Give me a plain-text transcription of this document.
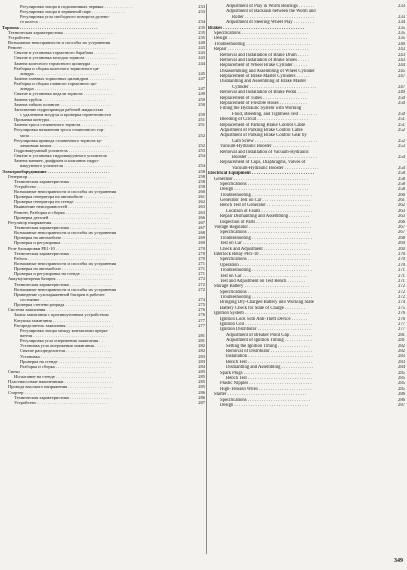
Регулировка зазора в подшипниках червяка . . . . . . . . . . . . .	233
Регулировка зазора в червячной паре . . . . . . . . . . . . . . .	233
Регулировка угла свободного поворота рулево-
го колеса . . . . . . . . . . . . . . . . . . . . . . . . . . .	234
Тормоза . . . . . . . . . . . . . . . . . . . . . . . . . . . . . . . . . . .	235
Техническая характеристика . . . . . . . . . . . . . . . . . . . . . . .	235
Устройство . . . . . . . . . . . . . . . . . . . . . . . . . . . . . . . . . .	235
Возможные неисправности и способы их устранения	240
Ремонт . . . . . . . . . . . . . . . . . . . . . . . . . . . . . . . . . . . . .	243
Снятие и установка тормозного барабана . . . . . . . . . . .	243
Снятие и установка колодок тормоза . . . . . . . . . . . . . .	243
Замена колесного тормозного цилиндра . . . . . . . . . . . .	244
Разборка и сборка колесного тормозного ци-
линдра . . . . . . . . . . . . . . . . . . . . . . . . . . . . . . . . .	245
Замена главных тормозных цилиндров . . . . . . . . . . . .	247
Разборка и сборка главного тормозного ци-
линдра . . . . . . . . . . . . . . . . . . . . . . . . . . . . . . . . .	247
Снятие и установка педали тормоза . . . . . . . . . . . . . .	249
Замена трубок . . . . . . . . . . . . . . . . . . . . . . . . . . . .	250
Замена гибких шлангов . . . . . . . . . . . . . . . . . . . . . . .	250
Заполнение гидропривода рабочей жидкостью
с удалением воздуха и проверка герметичности	250
Прокачка контуры . . . . . . . . . . . . . . . . . . . . . . . . . .	251
Замена троса стояночного тормоза . . . . . . . . . . . . . . .	251
Регулировка натяжения троса стояночного тор-
моза . . . . . . . . . . . . . . . . . . . . . . . . . . . . . . . . . . .	252
Регулировка привода стояночного тормоза ку-
лачковым валом . . . . . . . . . . . . . . . . . . . . . . . . . .	252
Гидровакуумный усилитель . . . . . . . . . . . . . . . . . . . .	253
Снятие и установка гидровакуумного усилителя	254
Замена манжет, диафрагм и клапанов гидро-
вакуумного усилителя . . . . . . . . . . . . . . . . . . . . . . .	254
Электрооборудование . . . . . . . . . . . . . . . . . . . . . . . . . . . .	258
Генератор . . . . . . . . . . . . . . . . . . . . . . . . . . . . . . . . . . .	258
Техническая характеристика . . . . . . . . . . . . . . . . . . .	258
Устройство . . . . . . . . . . . . . . . . . . . . . . . . . . . . . . . .	258
Возможные неисправности и способы их устранения	260
Проверка генератора на автомобиле . . . . . . . . . . . . . .	261
Проверка генератора на стенде . . . . . . . . . . . . . . . . . .	262
Выявление неисправностей . . . . . . . . . . . . . . . . . . . .	263
Ремонт, Разборка и сборка . . . . . . . . . . . . . . . . . . . . .	263
Проверка деталей . . . . . . . . . . . . . . . . . . . . . . . . . . .	266
Регулятор напряжения . . . . . . . . . . . . . . . . . . . . . . . . . .	267
Техническая характеристика . . . . . . . . . . . . . . . . . . .	267
Возможные неисправности и способы их устранения	268
Проверка на автомобиле . . . . . . . . . . . . . . . . . . . . . . .	269
Проверка и регулировка . . . . . . . . . . . . . . . . . . . . . . .	269
Реле блокировки РБ1-10 . . . . . . . . . . . . . . . . . . . . . . . . .	270
Техническая характеристика . . . . . . . . . . . . . . . . . . .	270
Работа . . . . . . . . . . . . . . . . . . . . . . . . . . . . . . . . . . .	270
Возможные неисправности и способы их устранения	271
Проверка на автомобиле . . . . . . . . . . . . . . . . . . . . . . .	271
Проверка и регулировка на стенде . . . . . . . . . . . . . . .	271
Аккумуляторная батарея . . . . . . . . . . . . . . . . . . . . . . . . .	272
Техническая характеристика . . . . . . . . . . . . . . . . . . .	272
Возможные неисправности и способы их устранения	272
Приведение сухозаряженной батареи в рабочее
состояние . . . . . . . . . . . . . . . . . . . . . . . . . . . . . . . .	274
Проверка степени разряда . . . . . . . . . . . . . . . . . . . . .	275
Система зажигания . . . . . . . . . . . . . . . . . . . . . . . . . . . . .	276
Замок зажигания с противоугонным устройством	276
Катушка зажигания . . . . . . . . . . . . . . . . . . . . . . . . . .	277
Распределитель зажигания . . . . . . . . . . . . . . . . . . . . .	277
Регулировка зазора между контактами преры-
вателя . . . . . . . . . . . . . . . . . . . . . . . . . . . . . . . . .	281
Регулировка угла опережения зажигания . .	281
Установка угла опережения зажигания . . . . .	282
Снятие распределителя . . . . . . . . . . . . . . . . . . . .	282
Установка . . . . . . . . . . . . . . . . . . . . . . . . . . . . . . . .	283
Проверка на стенде . . . . . . . . . . . . . . . . . . . . . . . .	283
Разборка и сборка . . . . . . . . . . . . . . . . . . . . . . . . .	284
Свечи . . . . . . . . . . . . . . . . . . . . . . . . . . . . . . . . . . . . . .	285
Испытание на стенде . . . . . . . . . . . . . . . . . . . . . . . . .	285
Пластмассовые наконечники . . . . . . . . . . . . . . . . . . . . . .	285
Провода высокого напряжения . . . . . . . . . . . . . . . . . . . .	285
Стартер . . . . . . . . . . . . . . . . . . . . . . . . . . . . . . . . . . . . .	286
Техническая характеристика . . . . . . . . . . . . . . . . . . .	286
Устройство . . . . . . . . . . . . . . . . . . . . . . . . . . . . . . . .	287
Adjustment of Play in Worm Bearings . . . . . . .	233
Adjustment of Backlash between the Worm and
Roller . . . . . . . . . . . . . . . . . . . . . . . . . . . . . .	233
Adjustment of Steering Wheel Play . . . . . . . . .	234
Brakes . . . . . . . . . . . . . . . . . . . . . . . . . . . . . . . . . . .	235
Specifications . . . . . . . . . . . . . . . . . . . . . . . . . . . . .	235
Design . . . . . . . . . . . . . . . . . . . . . . . . . . . . . . . . . .	235
Troubleshooting . . . . . . . . . . . . . . . . . . . . . . . . . . . .	240
Repair . . . . . . . . . . . . . . . . . . . . . . . . . . . . . . . . . . .	243
Removal and Installation of Brake Drum . . . . .	243
Removal and Installation of Brake Shoes . . . . .	243
Replacement of Wheel Brake Cylinder . . . . . .	244
Disassembling and Assembling of Wheel Cylinder	245
Replacement of Brake Master Cylinders . . . . . .	247
Dismantling and Assembling of Brake Master
Cylinder . . . . . . . . . . . . . . . . . . . . . . . . . . . . .	247
Removal and Installation of Brake Pedal . . . . .	249
Replacement of Tubes . . . . . . . . . . . . . . . . . . .	250
Replacement of Flexible Hoses . . . . . . . . . . . .	250
Filling the Hydraulic System with Working
Fluid, Bleeding, and Tightness Test . . . . . . . .	250
Bleeding of Circuit . . . . . . . . . . . . . . . . . . . . . .	251
Replacement of Parking Brake Control Cable	251
Adjustment of Parking Brake Control Cable	252
Adjustment of Parking Brake Control Gear by
Cam Screw . . . . . . . . . . . . . . . . . . . . . . . . . . .	252
Vacuum-Hydraulic Booster . . . . . . . . . . . . . . . .	253
Removal and Installation of Vacuum-Hydraulic
Booster . . . . . . . . . . . . . . . . . . . . . . . . . . . . . .	254
Replacement of Cups, Diaphragms, Valves of
Vacuum-Hydraulic Booster . . . . . . . . . . . . . . .	254
Electrical Equipment . . . . . . . . . . . . . . . . . . . . . . . . . . .	258
Generator . . . . . . . . . . . . . . . . . . . . . . . . . . . . . . . .	258
Specifications . . . . . . . . . . . . . . . . . . . . . . . . . . .	258
Design . . . . . . . . . . . . . . . . . . . . . . . . . . . . . . . .	258
Troubleshooting . . . . . . . . . . . . . . . . . . . . . . . . . .	260
Generator Test on Car . . . . . . . . . . . . . . . . . . . . .	261
Bench Test of Generator . . . . . . . . . . . . . . . . . . .	262
Location of Faults . . . . . . . . . . . . . . . . . . . . . .	263
Repair Dismantling and Assembling . . . . . . . . .	263
Inspection of Parts . . . . . . . . . . . . . . . . . . . . . . .	266
Voltage Regulator . . . . . . . . . . . . . . . . . . . . . . . . . . .	267
Specifications . . . . . . . . . . . . . . . . . . . . . . . . . . .	267
Troubleshooting . . . . . . . . . . . . . . . . . . . . . . . . . .	268
Test on Car . . . . . . . . . . . . . . . . . . . . . . . . . . . .	269
Check and Adjustment . . . . . . . . . . . . . . . . . . . .	269
Interlock Relay PB1-10 . . . . . . . . . . . . . . . . . . . . . .	270
Specifications . . . . . . . . . . . . . . . . . . . . . . . . . . .	270
Operation . . . . . . . . . . . . . . . . . . . . . . . . . . . . . .	270
Troubleshooting . . . . . . . . . . . . . . . . . . . . . . . . . .	271
Test on Car . . . . . . . . . . . . . . . . . . . . . . . . . . . .	271
Test and Adjustment on Test Bench . . . . . . . .	271
Storage Battery . . . . . . . . . . . . . . . . . . . . . . . . . . . .	272
Specifications . . . . . . . . . . . . . . . . . . . . . . . . . . .	272
Troubleshooting . . . . . . . . . . . . . . . . . . . . . . . . . .	272
Bringing Dry-Charged Battery into Working State	274
Battery Check for State of Charge . . . . . . . . .	275
Ignition System . . . . . . . . . . . . . . . . . . . . . . . . . . . .	276
Ignition Lock with Anti-Theft Device . . . . . . .	276
Ignition Coil . . . . . . . . . . . . . . . . . . . . . . . . . . . . .	277
Ignition Distributor . . . . . . . . . . . . . . . . . . . . . . .	277
Adjustment of Breaker Point Gap . . . . . . . . . .	281
Adjustment of Ignition Timing . . . . . . . . . . . .	281
Setting the Ignition Timing . . . . . . . . . . . . . .	282
Removal of Distributor . . . . . . . . . . . . . . . . . .	282
Installation . . . . . . . . . . . . . . . . . . . . . . . . . . . .	283
Bench Test . . . . . . . . . . . . . . . . . . . . . . . . . . . .	283
Dismantling and Assembling . . . . . . . . . . . . . .	284
Spark Plugs . . . . . . . . . . . . . . . . . . . . . . . . . . . . .	285
Bench Test . . . . . . . . . . . . . . . . . . . . . . . . . . . .	285
Plastic Nipples . . . . . . . . . . . . . . . . . . . . . . . . . . .	285
High-Tension Wires . . . . . . . . . . . . . . . . . . . . . . .	285
Starter . . . . . . . . . . . . . . . . . . . . . . . . . . . . . . . . . .	286
Specifications . . . . . . . . . . . . . . . . . . . . . . . . . . .	286
Design . . . . . . . . . . . . . . . . . . . . . . . . . . . . . . . .	287
349
